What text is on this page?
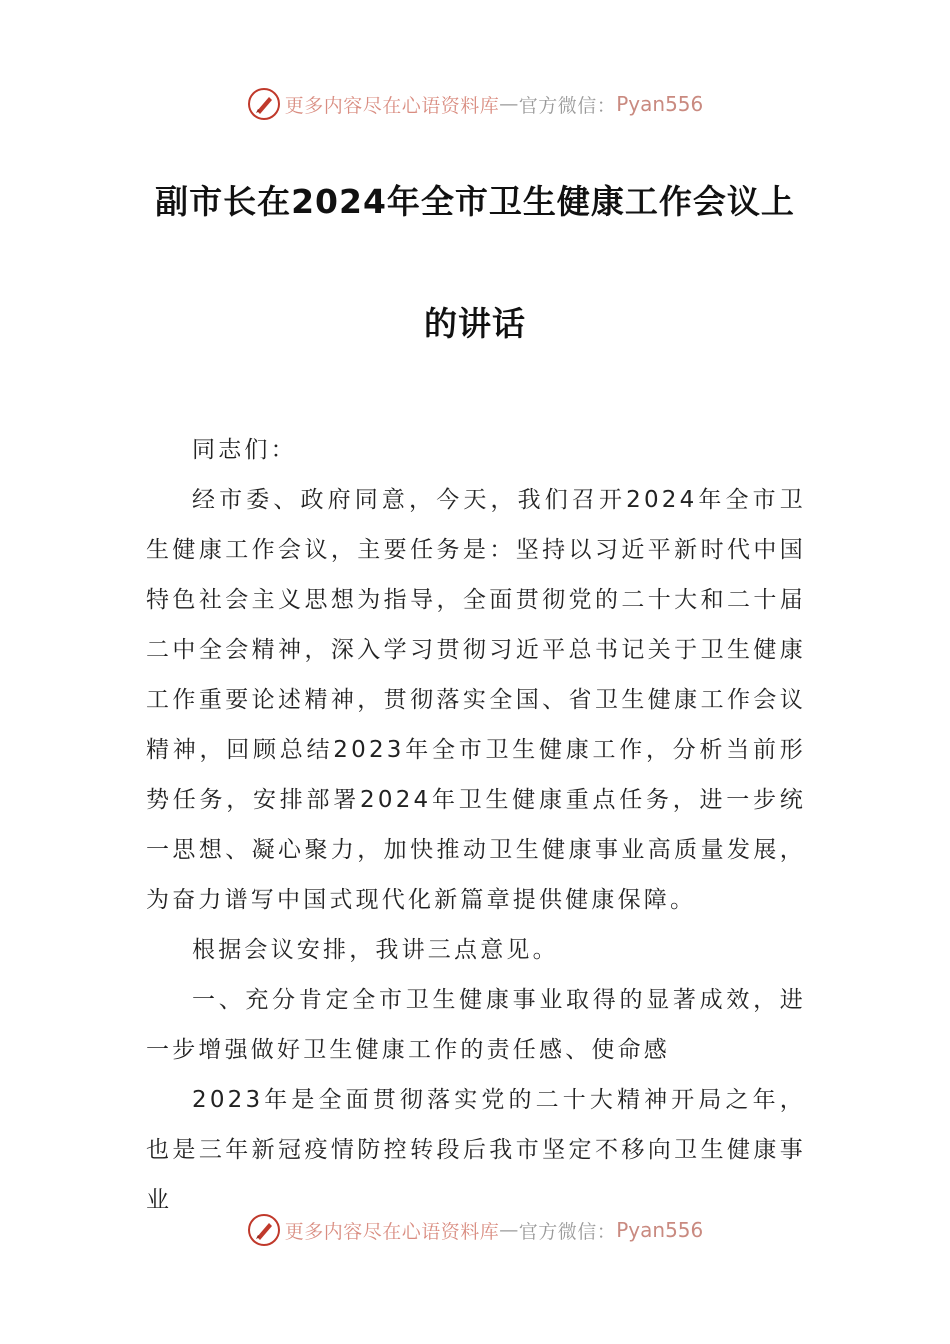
更多内容尽在心语资料库 — 官方微信： Pyan556
副市长在2024年全市卫生健康工作会议上
的讲话

同志们：

经市委、政府同意，今天，我们召开2024年全市卫生健康工作会议，主要任务是：坚持以习近平新时代中国特色社会主义思想为指导，全面贯彻党的二十大和二十届二中全会精神，深入学习贯彻习近平总书记关于卫生健康工作重要论述精神，贯彻落实全国、省卫生健康工作会议精神，回顾总结2023年全市卫生健康工作，分析当前形势任务，安排部署2024年卫生健康重点任务，进一步统一思想、凝心聚力，加快推动卫生健康事业高质量发展，为奋力谱写中国式现代化新篇章提供健康保障。

根据会议安排，我讲三点意见。

一、充分肯定全市卫生健康事业取得的显著成效，进一步增强做好卫生健康工作的责任感、使命感

2023年是全面贯彻落实党的二十大精神开局之年，也是三年新冠疫情防控转段后我市坚定不移向卫生健康事业

更多内容尽在心语资料库 — 官方微信： Pyan556
